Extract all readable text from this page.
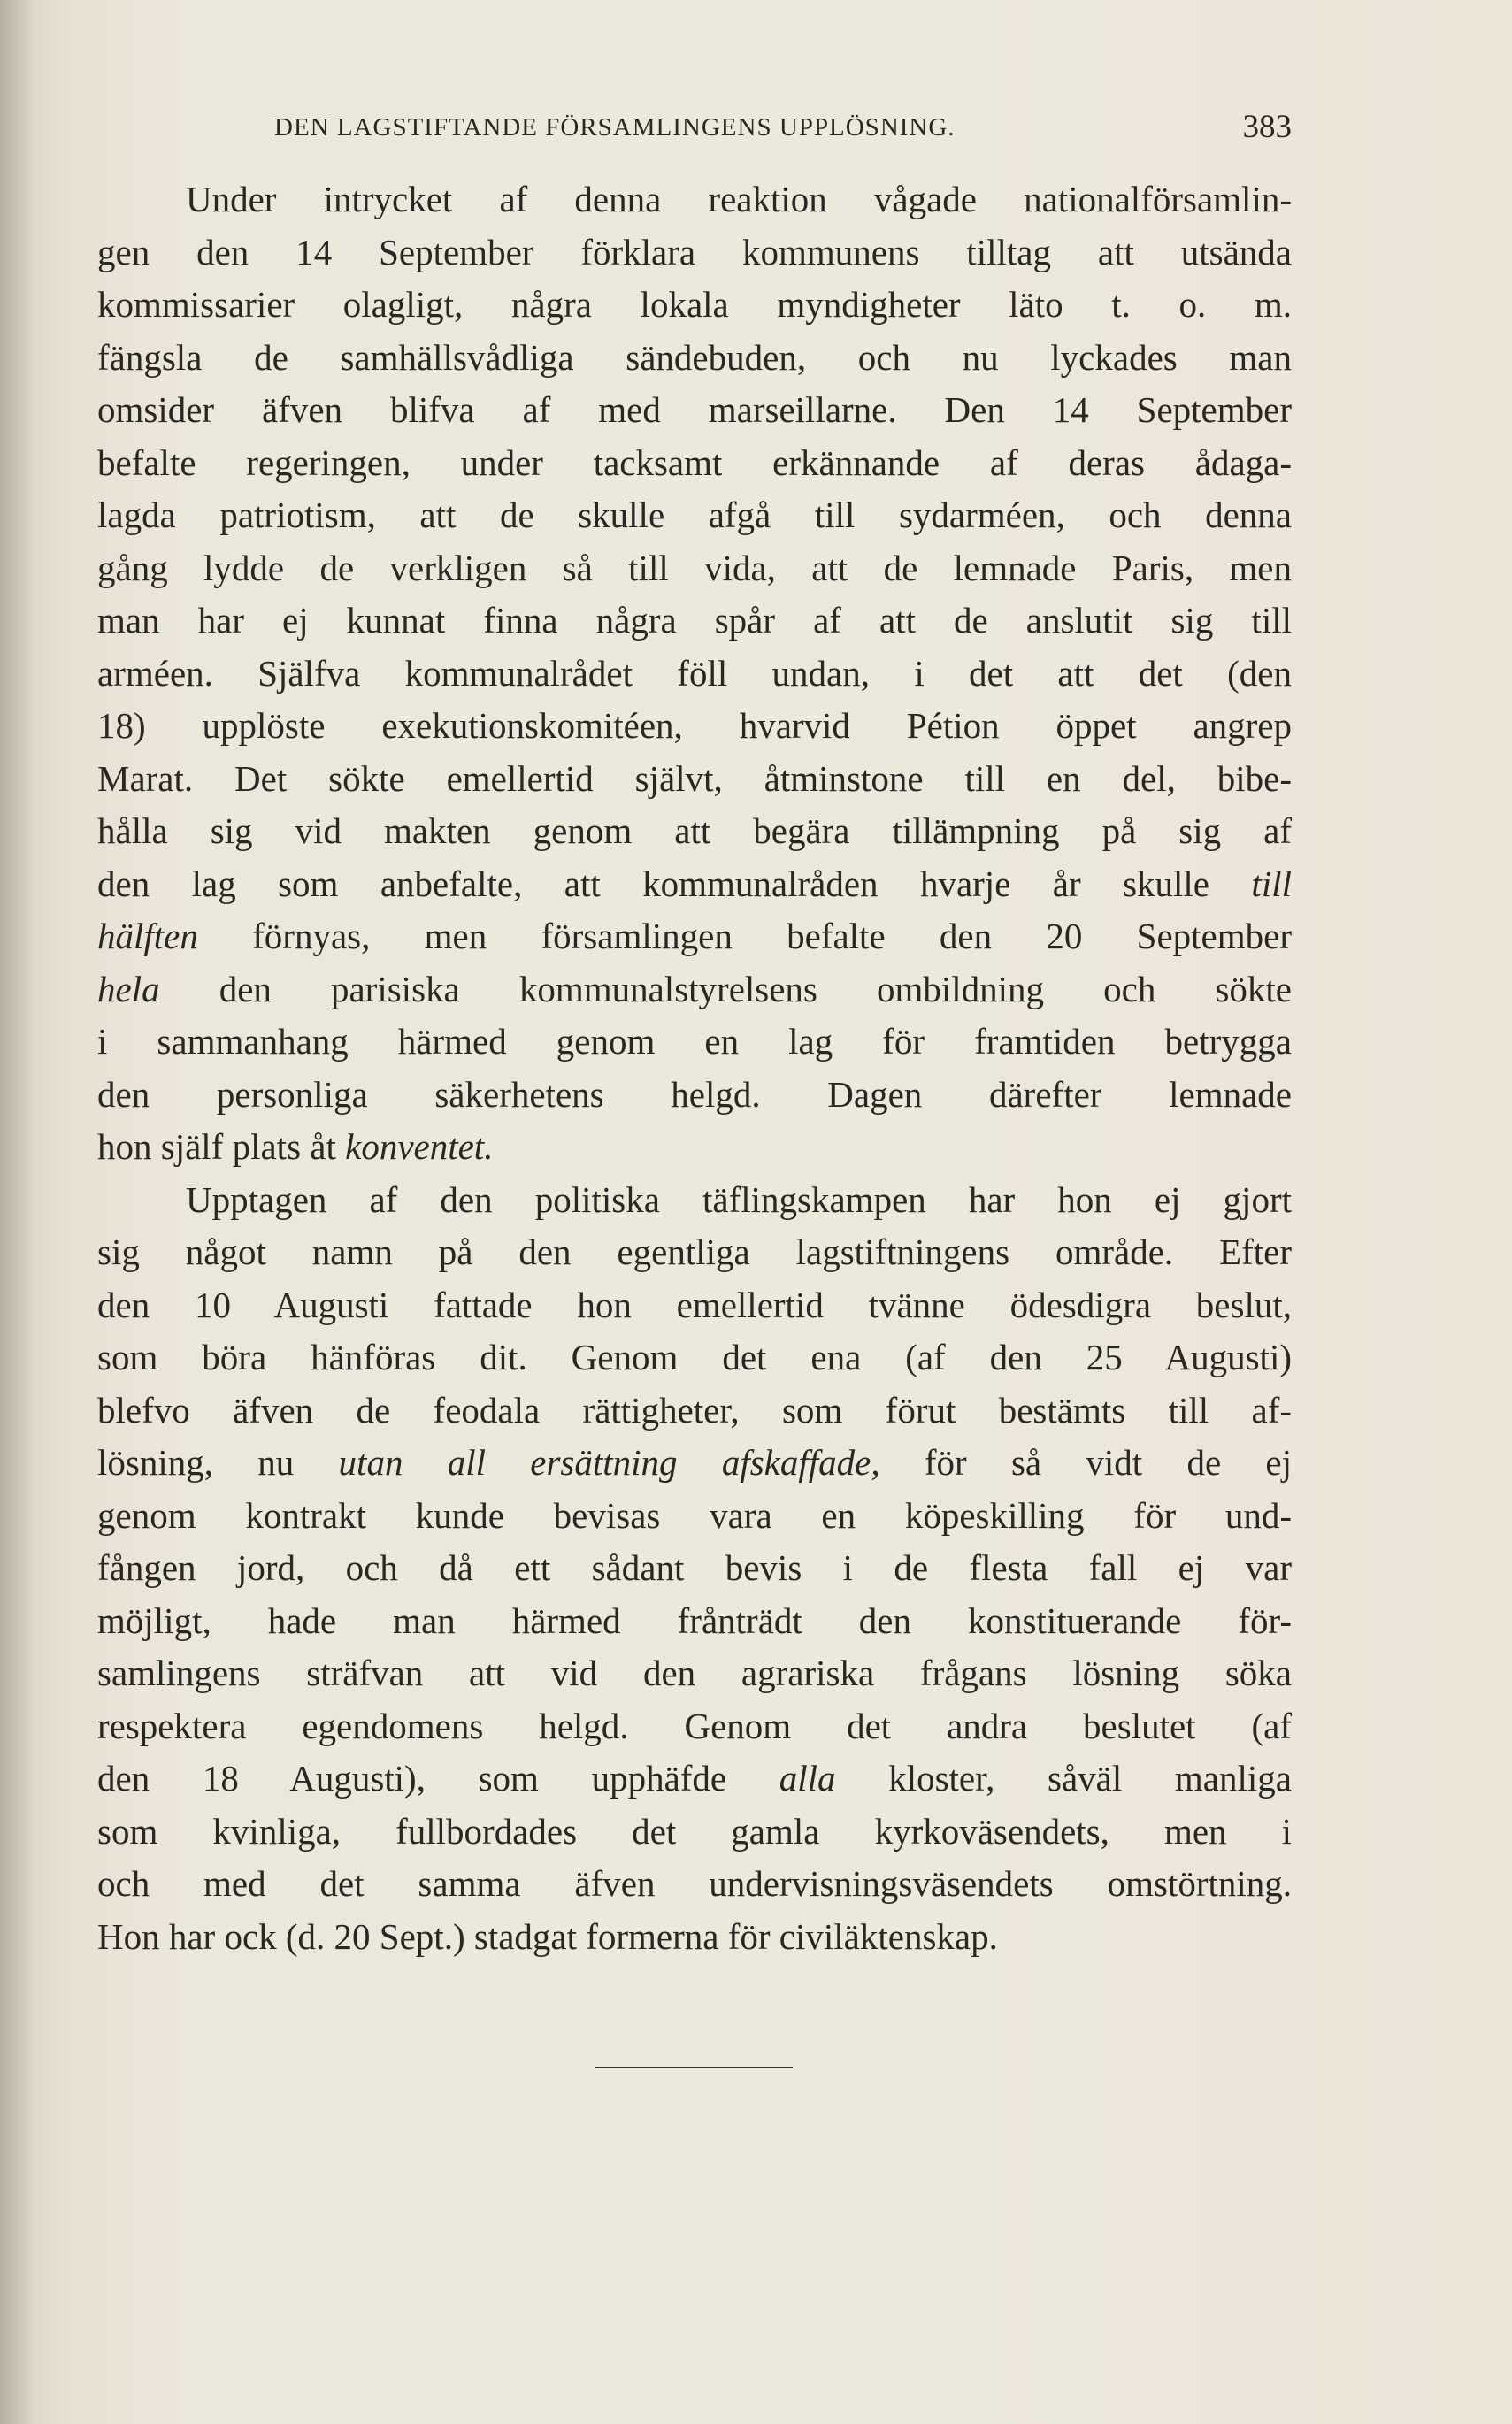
DEN LAGSTIFTANDE FÖRSAMLINGENS UPPLÖSNING.	383
Under intrycket af denna reaktion vågade nationalförsamlin-
gen den 14 September förklara kommunens tilltag att utsända
kommissarier olagligt, några lokala myndigheter läto t. o. m.
fängsla de samhällsvådliga sändebuden, och nu lyckades man
omsider äfven blifva af med marseillarne. Den 14 September
befalte regeringen, under tacksamt erkännande af deras ådaga-
lagda patriotism, att de skulle afgå till sydarméen, och denna
gång lydde de verkligen så till vida, att de lemnade Paris, men
man har ej kunnat finna några spår af att de anslutit sig till
arméen. Själfva kommunalrådet föll undan, i det att det (den
18) upplöste exekutionskomitéen, hvarvid Pétion öppet angrep
Marat. Det sökte emellertid självt, åtminstone till en del, bibe-
hålla sig vid makten genom att begära tillämpning på sig af
den lag som anbefalte, att kommunalråden hvarje år skulle till
hälften förnyas, men församlingen befalte den 20 September
hela den parisiska kommunalstyrelsens ombildning och sökte
i sammanhang härmed genom en lag för framtiden betrygga
den personliga säkerhetens helgd. Dagen därefter lemnade
hon själf plats åt konventet.
Upptagen af den politiska täflingskampen har hon ej gjort
sig något namn på den egentliga lagstiftningens område. Efter
den 10 Augusti fattade hon emellertid tvänne ödesdigra beslut,
som böra hänföras dit. Genom det ena (af den 25 Augusti)
blefvo äfven de feodala rättigheter, som förut bestämts till af-
lösning, nu utan all ersättning afskaffade, för så vidt de ej
genom kontrakt kunde bevisas vara en köpeskilling för und-
fången jord, och då ett sådant bevis i de flesta fall ej var
möjligt, hade man härmed frånträdt den konstituerande för-
samlingens sträfvan att vid den agrariska frågans lösning söka
respektera egendomens helgd. Genom det andra beslutet (af
den 18 Augusti), som upphäfde alla kloster, såväl manliga
som kvinliga, fullbordades det gamla kyrkoväsendets, men i
och med det samma äfven undervisningsväsendets omstörtning.
Hon har ock (d. 20 Sept.) stadgat formerna för civiläktenskap.
